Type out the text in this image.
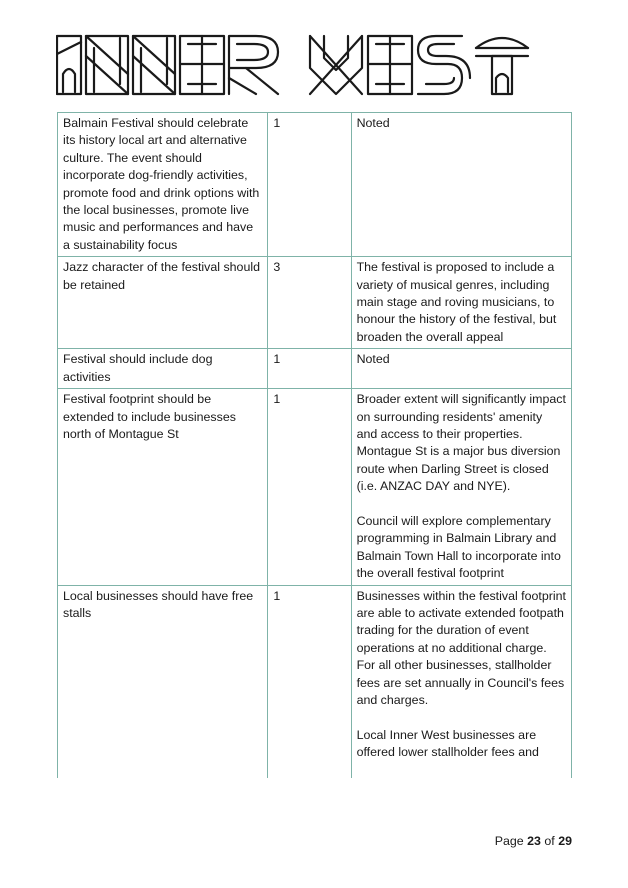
Balmain Festival should celebrate its history local art and alternative culture. The event should incorporate dog-friendly activities, promote food and drink options with the local businesses, promote live music and performances and have a sustainability focus	1	Noted
Jazz character of the festival should be retained	3	The festival is proposed to include a variety of musical genres, including main stage and roving musicians, to honour the history of the festival, but broaden the overall appeal
Festival should include dog activities	1	Noted
Festival footprint should be extended to include businesses north of Montague St	1	Broader extent will significantly impact on surrounding residents' amenity and access to their properties. Montague St is a major bus diversion route when Darling Street is closed (i.e. ANZAC DAY and NYE).

Council will explore complementary programming in Balmain Library and Balmain Town Hall to incorporate into the overall festival footprint
Local businesses should have free stalls	1	Businesses within the festival footprint are able to activate extended footpath trading for the duration of event operations at no additional charge. For all other businesses, stallholder fees are set annually in Council's fees and charges.

Local Inner West businesses are offered lower stallholder fees and
Page 23 of 29
